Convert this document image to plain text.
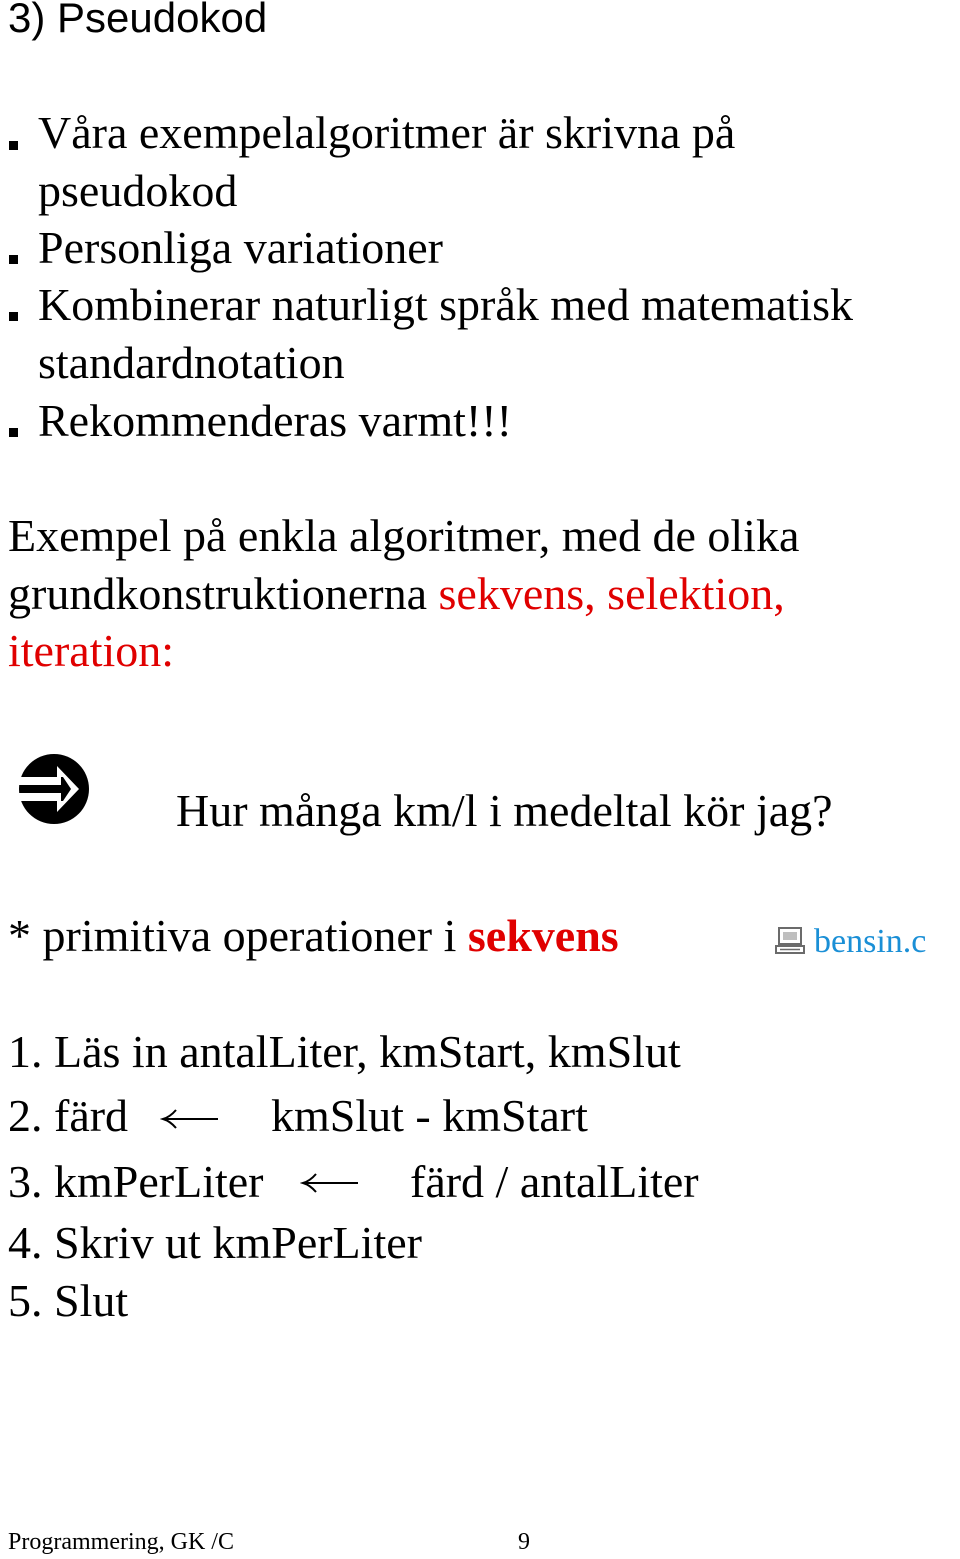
3) Pseudokod
Våra exempelalgoritmer är skrivna på
pseudokod
Personliga variationer
Kombinerar naturligt språk med matematisk
standardnotation
Rekommenderas varmt!!!
Exempel på enkla algoritmer, med de olika
grundkonstruktionerna sekvens, selektion,
iteration:
Hur många km/l i medeltal kör jag?
* primitiva operationer i sekvens	bensin.c
1. Läs in antalLiter, kmStart, kmSlut
2. färd	kmSlut - kmStart
3. kmPerLiter	färd / antalLiter
4. Skriv ut kmPerLiter
5. Slut
Programmering, GK /C	9
